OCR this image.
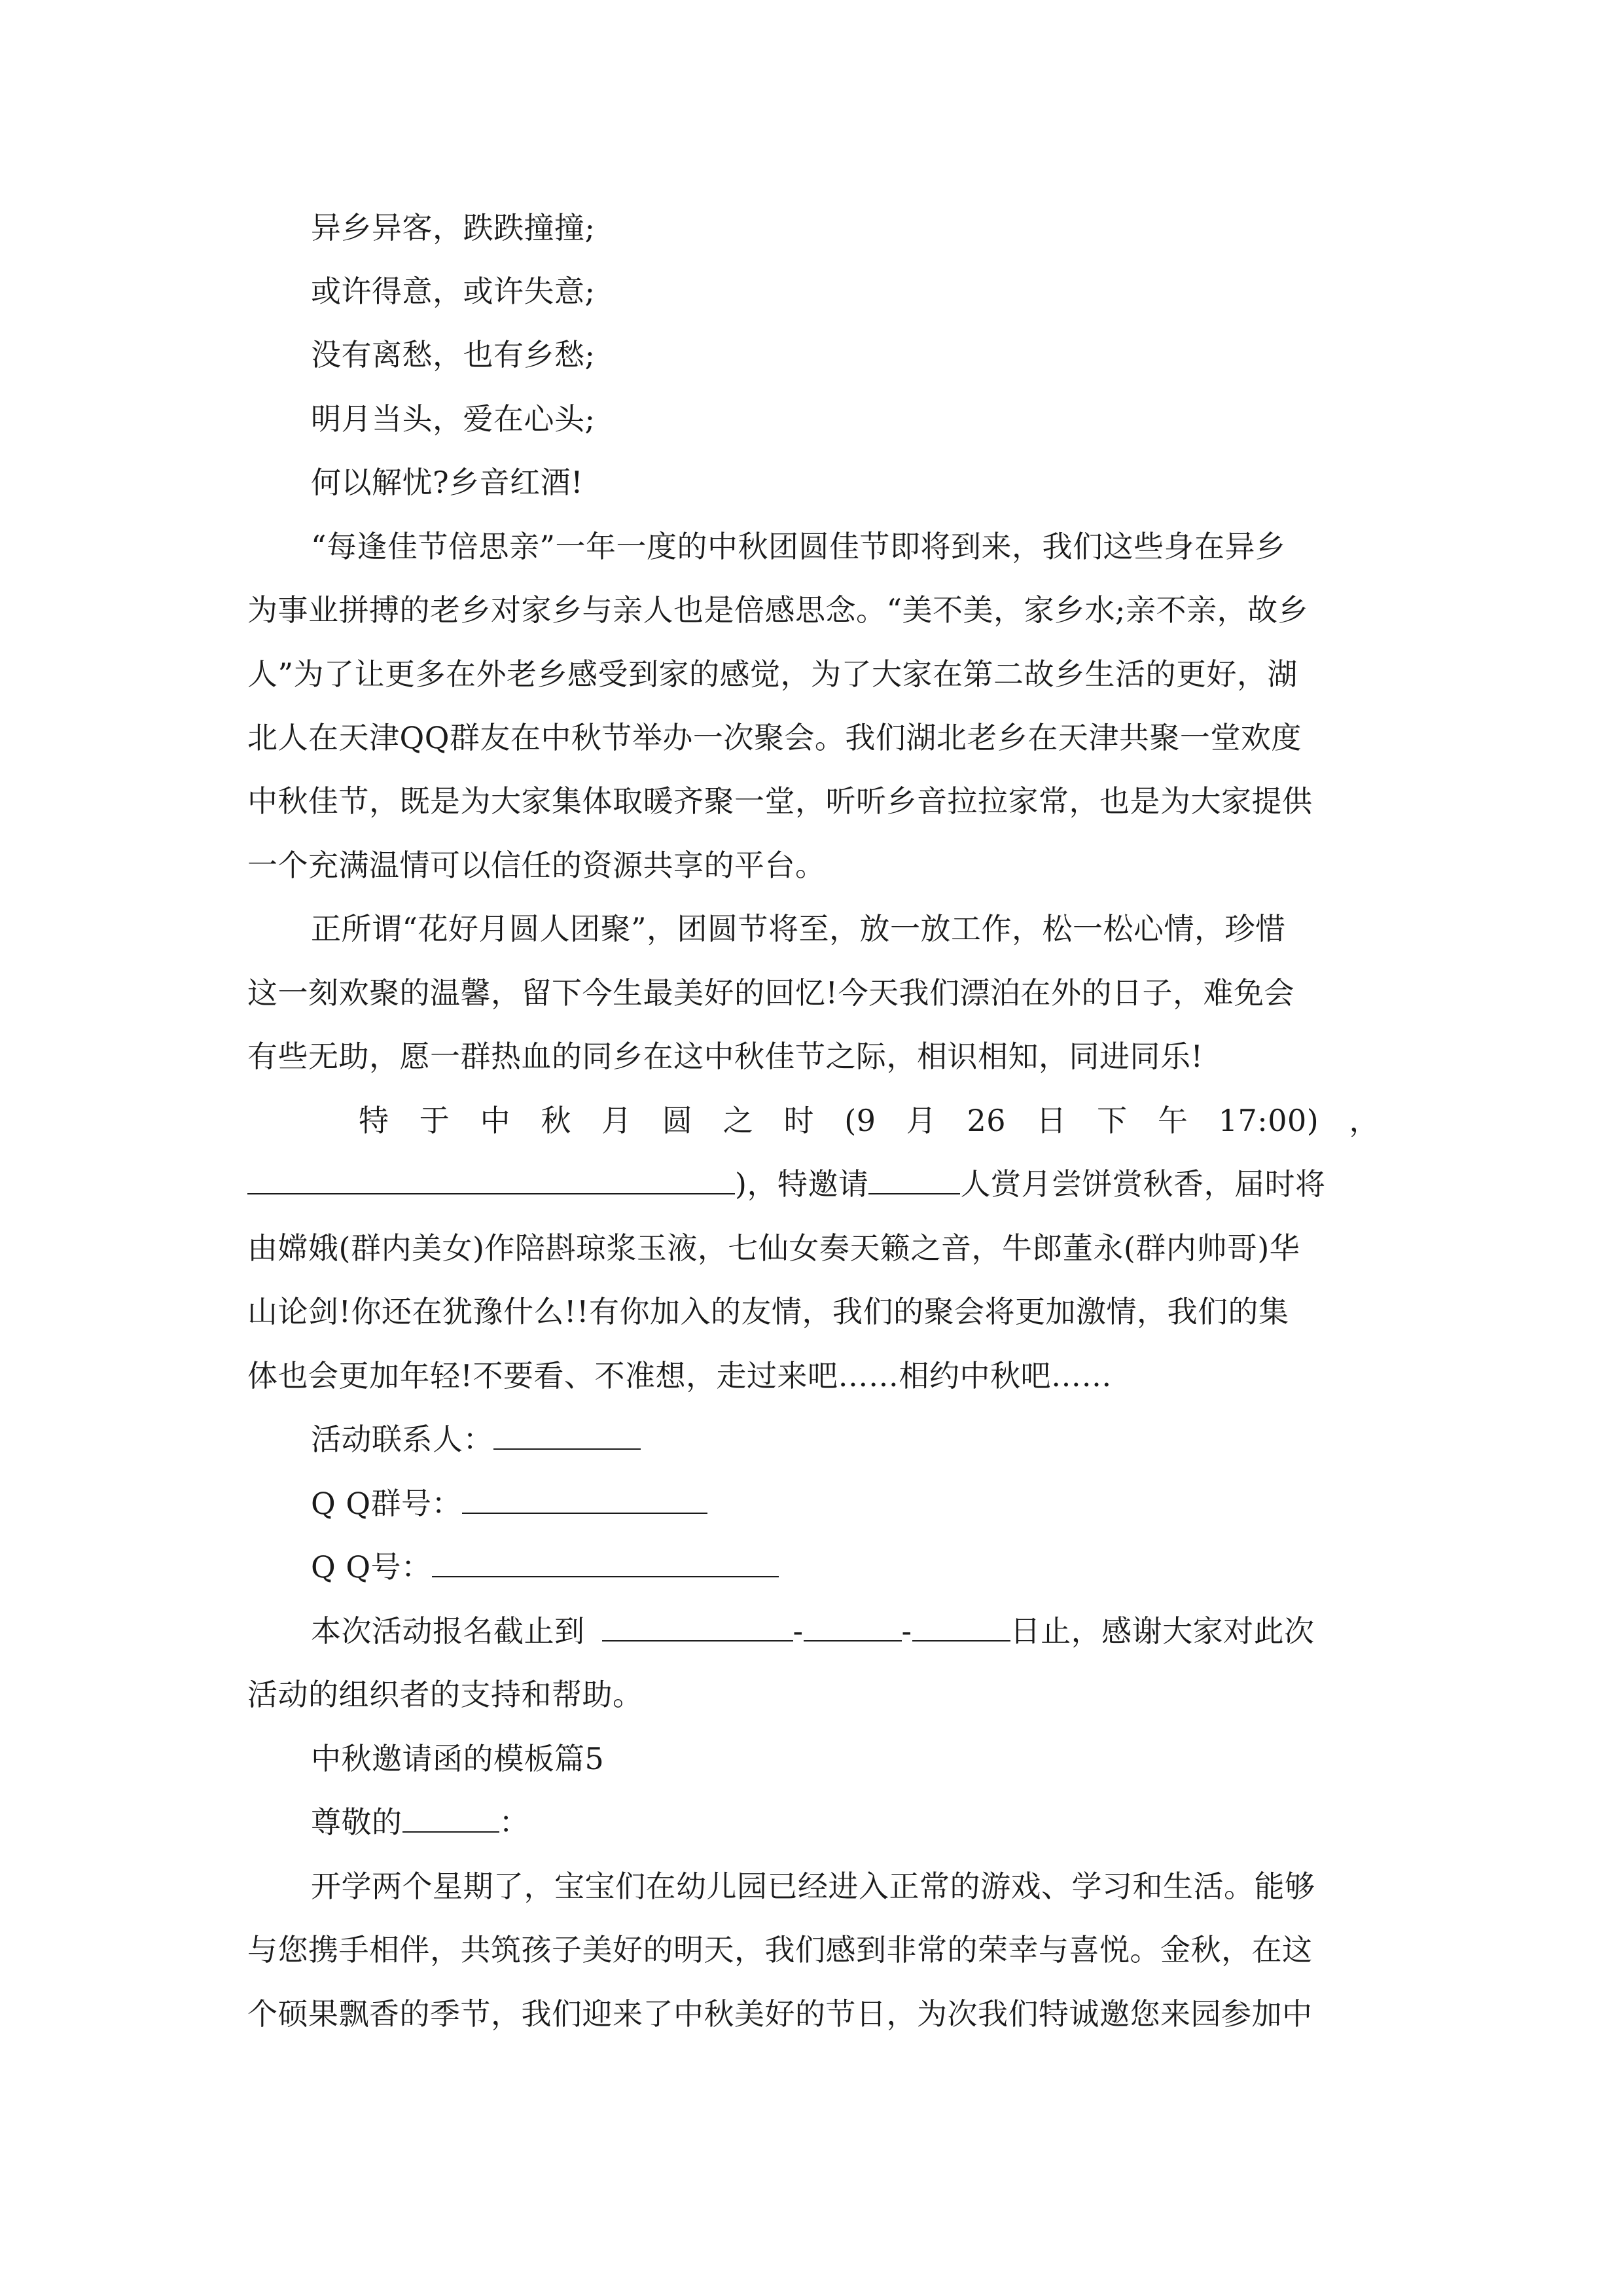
异乡异客，跌跌撞撞;
或许得意，或许失意;
没有离愁，也有乡愁;
明月当头，爱在心头;
何以解忧?乡音红酒!
“每逢佳节倍思亲”一年一度的中秋团圆佳节即将到来，我们这些身在异乡
为事业拼搏的老乡对家乡与亲人也是倍感思念。“美不美，家乡水;亲不亲，故乡
人”为了让更多在外老乡感受到家的感觉，为了大家在第二故乡生活的更好，湖
北人在天津QQ群友在中秋节举办一次聚会。我们湖北老乡在天津共聚一堂欢度
中秋佳节，既是为大家集体取暖齐聚一堂，听听乡音拉拉家常，也是为大家提供
一个充满温情可以信任的资源共享的平台。
正所谓“花好月圆人团聚”，团圆节将至，放一放工作，松一松心情，珍惜
这一刻欢聚的温馨，留下今生最美好的回忆!今天我们漂泊在外的日子，难免会
有些无助，愿一群热血的同乡在这中秋佳节之际，相识相知，同进同乐!
特 于 中 秋 月 圆 之 时 (9 月 26 日 下 午 17:00) ，
)，特邀请	人赏月尝饼赏秋香，届时将
由嫦娥(群内美女)作陪斟琼浆玉液，七仙女奏天籁之音，牛郎董永(群内帅哥)华
山论剑!你还在犹豫什么!!有你加入的友情，我们的聚会将更加激情，我们的集
体也会更加年轻!不要看、不准想，走过来吧……相约中秋吧……
活动联系人：
Q Q群号：
Q Q号：
本次活动报名截止到	-	-	日止，感谢大家对此次
活动的组织者的支持和帮助。
中秋邀请函的模板篇5
尊敬的	：
开学两个星期了，宝宝们在幼儿园已经进入正常的游戏、学习和生活。能够
与您携手相伴，共筑孩子美好的明天，我们感到非常的荣幸与喜悦。金秋，在这
个硕果飘香的季节，我们迎来了中秋美好的节日，为次我们特诚邀您来园参加中
